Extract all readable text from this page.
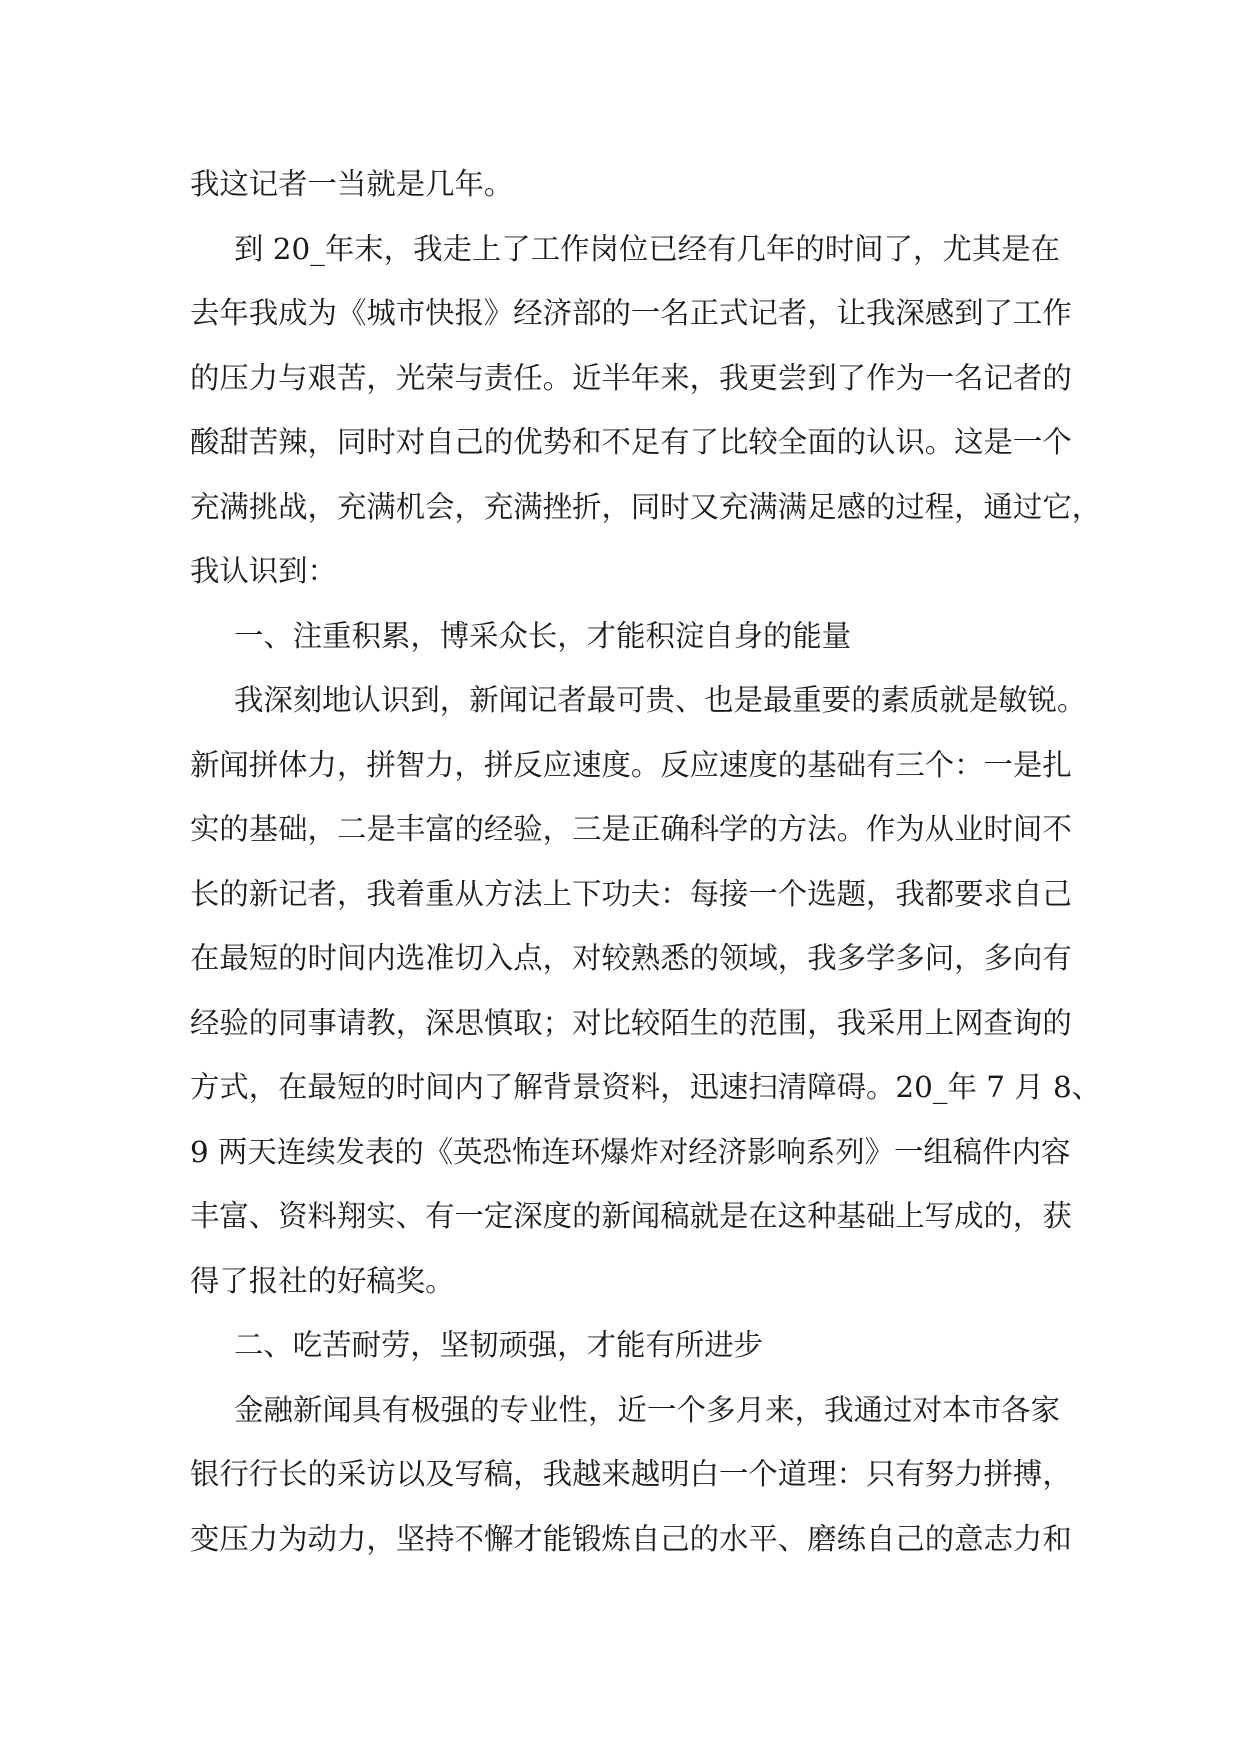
我这记者一当就是几年。
到 20_年末，我走上了工作岗位已经有几年的时间了，尤其是在
去年我成为《城市快报》经济部的一名正式记者，让我深感到了工作
的压力与艰苦，光荣与责任。近半年来，我更尝到了作为一名记者的
酸甜苦辣，同时对自己的优势和不足有了比较全面的认识。这是一个
充满挑战，充满机会，充满挫折，同时又充满满足感的过程，通过它，
我认识到：
一、注重积累，博采众长，才能积淀自身的能量
我深刻地认识到，新闻记者最可贵、也是最重要的素质就是敏锐。
新闻拼体力，拼智力，拼反应速度。反应速度的基础有三个：一是扎
实的基础，二是丰富的经验，三是正确科学的方法。作为从业时间不
长的新记者，我着重从方法上下功夫：每接一个选题，我都要求自己
在最短的时间内选准切入点，对较熟悉的领域，我多学多问，多向有
经验的同事请教，深思慎取；对比较陌生的范围，我采用上网查询的
方式，在最短的时间内了解背景资料，迅速扫清障碍。20_年 7 月 8、
9 两天连续发表的《英恐怖连环爆炸对经济影响系列》一组稿件内容
丰富、资料翔实、有一定深度的新闻稿就是在这种基础上写成的，获
得了报社的好稿奖。
二、吃苦耐劳，坚韧顽强，才能有所进步
金融新闻具有极强的专业性，近一个多月来，我通过对本市各家
银行行长的采访以及写稿，我越来越明白一个道理：只有努力拼搏，
变压力为动力，坚持不懈才能锻炼自己的水平、磨练自己的意志力和
